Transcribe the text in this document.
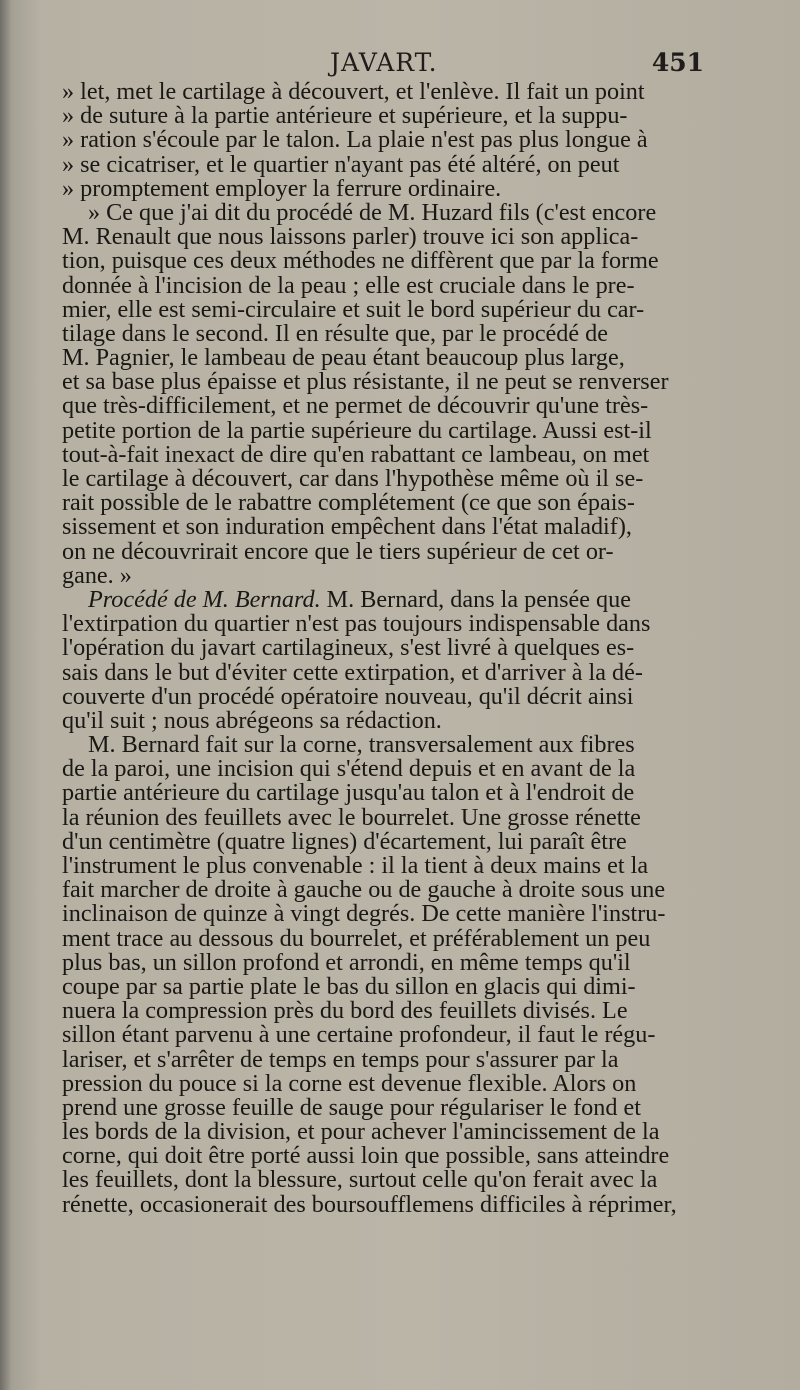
JAVART.	451
» let, met le cartilage à découvert, et l'enlève. Il fait un point
» de suture à la partie antérieure et supérieure, et la suppu-
» ration s'écoule par le talon. La plaie n'est pas plus longue à
» se cicatriser, et le quartier n'ayant pas été altéré, on peut
» promptement employer la ferrure ordinaire.
» Ce que j'ai dit du procédé de M. Huzard fils (c'est encore
M. Renault que nous laissons parler) trouve ici son applica-
tion, puisque ces deux méthodes ne diffèrent que par la forme
donnée à l'incision de la peau ; elle est cruciale dans le pre-
mier, elle est semi-circulaire et suit le bord supérieur du car-
tilage dans le second. Il en résulte que, par le procédé de
M. Pagnier, le lambeau de peau étant beaucoup plus large,
et sa base plus épaisse et plus résistante, il ne peut se renverser
que très-difficilement, et ne permet de découvrir qu'une très-
petite portion de la partie supérieure du cartilage. Aussi est-il
tout-à-fait inexact de dire qu'en rabattant ce lambeau, on met
le cartilage à découvert, car dans l'hypothèse même où il se-
rait possible de le rabattre complétement (ce que son épais-
sissement et son induration empêchent dans l'état maladif),
on ne découvrirait encore que le tiers supérieur de cet or-
gane. »
Procédé de M. Bernard. M. Bernard, dans la pensée que
l'extirpation du quartier n'est pas toujours indispensable dans
l'opération du javart cartilagineux, s'est livré à quelques es-
sais dans le but d'éviter cette extirpation, et d'arriver à la dé-
couverte d'un procédé opératoire nouveau, qu'il décrit ainsi
qu'il suit ; nous abrégeons sa rédaction.
M. Bernard fait sur la corne, transversalement aux fibres
de la paroi, une incision qui s'étend depuis et en avant de la
partie antérieure du cartilage jusqu'au talon et à l'endroit de
la réunion des feuillets avec le bourrelet. Une grosse rénette
d'un centimètre (quatre lignes) d'écartement, lui paraît être
l'instrument le plus convenable : il la tient à deux mains et la
fait marcher de droite à gauche ou de gauche à droite sous une
inclinaison de quinze à vingt degrés. De cette manière l'instru-
ment trace au dessous du bourrelet, et préférablement un peu
plus bas, un sillon profond et arrondi, en même temps qu'il
coupe par sa partie plate le bas du sillon en glacis qui dimi-
nuera la compression près du bord des feuillets divisés. Le
sillon étant parvenu à une certaine profondeur, il faut le régu-
lariser, et s'arrêter de temps en temps pour s'assurer par la
pression du pouce si la corne est devenue flexible. Alors on
prend une grosse feuille de sauge pour régulariser le fond et
les bords de la division, et pour achever l'amincissement de la
corne, qui doit être porté aussi loin que possible, sans atteindre
les feuillets, dont la blessure, surtout celle qu'on ferait avec la
rénette, occasionerait des boursoufflemens difficiles à réprimer,
